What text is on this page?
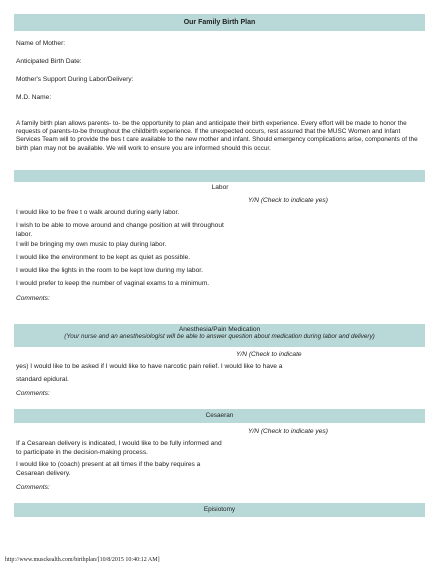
Our Family Birth Plan
Name of Mother:
Anticipated Birth Date:
Mother's Support During Labor/Delivery:
M.D. Name:
A family birth plan allows parents- to- be the opportunity to plan and anticipate their birth experience. Every effort will be made to honor the requests of parents-to-be throughout the childbirth experience. If the unexpected occurs, rest assured that the MUSC Women and Infant Services Team will to provide the bes t care available to the new mother and infant. Should emergency complications arise, components of the birth plan may not be available. We will work to ensure you are informed should this occur.
Labor
Y/N (Check to indicate yes)
I would like to be free t o walk around during early labor.
I wish to be able to move around and change position at will throughout
labor.
I will be bringing my own music to play during labor.
I would like the environment to be kept as quiet as possible.
I would like the lights in the room to be kept low during my labor.
I would prefer to keep the number of vaginal exams to a minimum.
Comments:
Anesthesia/Pain Medication
(Your nurse and an anesthesiologist will be able to answer question about medication during labor and delivery)
Y/N (Check to indicate
yes) I would like to be asked if I would like to have narcotic pain relief. I would like to have a
standard epidural.
Comments:
Cesaeran
Y/N (Check to indicate yes)
If a Cesarean delivery is indicated, I would like to be fully informed and
to participate in the decision-making process.
I would like to (coach) present at all times if the baby requires a
Cesarean delivery.
Comments:
Episiotomy
http://www.musckealth.com/birthplan/[10/8/2015 10:40:12 AM]
